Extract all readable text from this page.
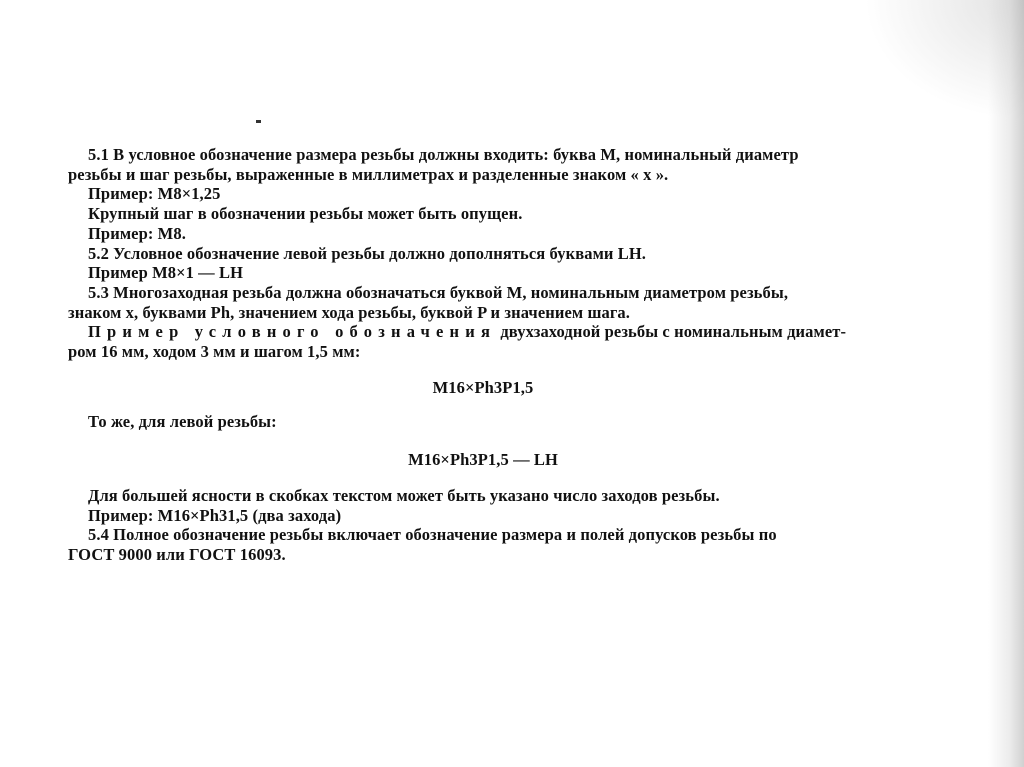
5.1 В условное обозначение размера резьбы должны входить: буква M, номинальный диаметр
резьбы и шаг резьбы, выраженные в миллиметрах и разделенные знаком « x ».
Пример: M8×1,25
Крупный шаг в обозначении резьбы может быть опущен.
Пример: M8.
5.2 Условное обозначение левой резьбы должно дополняться буквами LH.
Пример M8×1 — LH
5.3 Многозаходная резьба должна обозначаться буквой M, номинальным диаметром резьбы,
знаком x, буквами Ph, значением хода резьбы, буквой P и значением шага.
Пример условного обозначения двухзаходной резьбы с номинальным диамет-
ром 16 мм, ходом 3 мм и шагом 1,5 мм:
M16×Ph3P1,5
То же, для левой резьбы:
M16×Ph3P1,5 — LH
Для большей ясности в скобках текстом может быть указано число заходов резьбы.
Пример: M16×Ph31,5 (два захода)
5.4 Полное обозначение резьбы включает обозначение размера и полей допусков резьбы по
ГОСТ 9000 или ГОСТ 16093.
